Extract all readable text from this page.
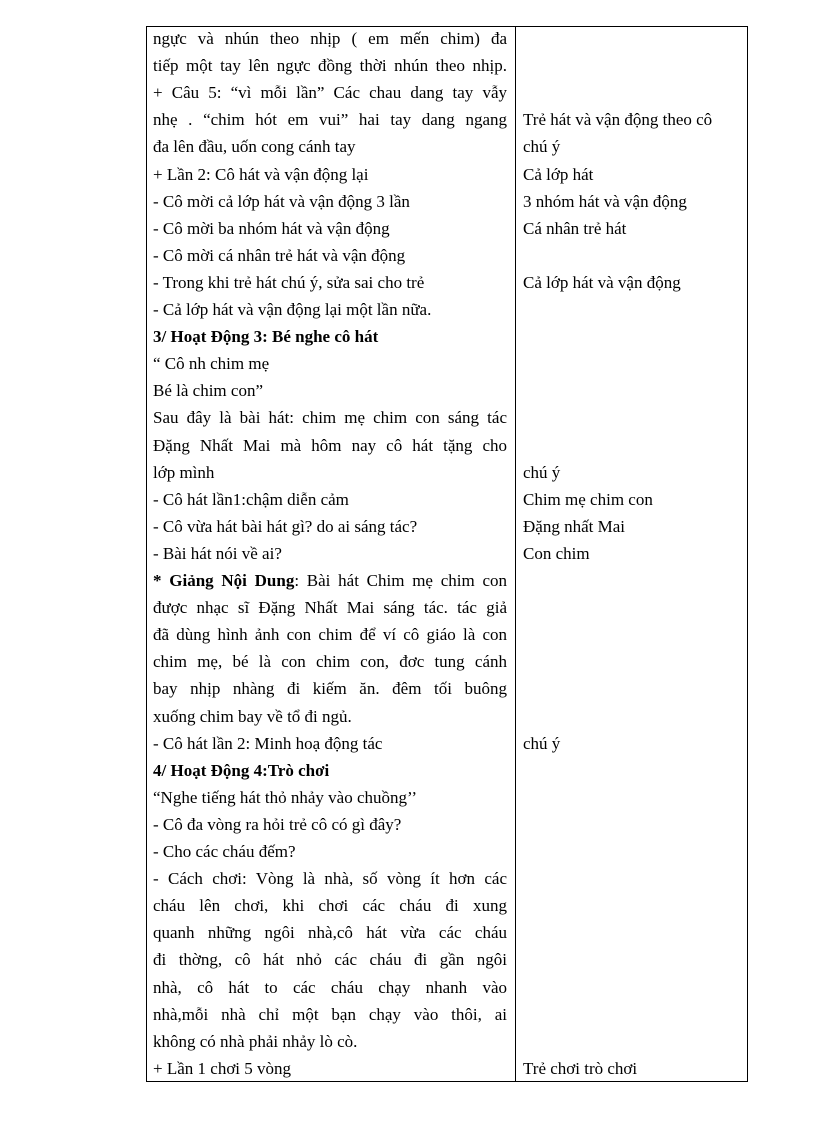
ngực và nhún theo nhịp ( em mến chim) đa
tiếp một tay lên ngực đồng thời nhún theo nhịp.
+ Câu 5: “vì mỗi lần” Các chau dang tay vẫy
nhẹ . “chim hót em vui” hai tay dang ngang
đa lên đầu, uốn cong cánh tay
+ Lần 2: Cô hát và vận động lại
- Cô mời cả lớp hát và vận động 3 lần
- Cô mời ba nhóm hát và vận động
- Cô mời cá nhân trẻ hát và vận động
- Trong khi trẻ hát chú ý, sửa sai cho trẻ
- Cả lớp hát và vận động lại một lần nữa.
3/ Hoạt Động 3: Bé nghe cô hát
“ Cô nh chim mẹ
Bé là chim con”
Sau đây là bài hát: chim mẹ chim con sáng tác
Đặng Nhất Mai mà hôm nay cô hát tặng cho
lớp mình
- Cô hát lần1:chậm diễn cảm
- Cô vừa hát bài hát gì? do ai sáng tác?
- Bài hát nói về ai?
* Giảng Nội Dung: Bài hát Chim mẹ chim con
được nhạc sĩ Đặng Nhất Mai sáng tác. tác giả
đã dùng hình ảnh con chim để ví cô giáo là con
chim mẹ, bé là con chim con, đơc tung cánh
bay nhịp nhàng đi kiếm ăn. đêm tối buông
xuống chim bay về tổ đi ngủ.
- Cô hát lần 2: Minh hoạ động tác
4/ Hoạt Động 4:Trò chơi
“Nghe tiếng hát thỏ nhảy vào chuồng’’
- Cô đa vòng ra hỏi trẻ cô có gì đây?
- Cho các cháu đếm?
- Cách chơi: Vòng là nhà, số vòng ít hơn các
cháu lên chơi, khi chơi các cháu đi xung
quanh những ngôi nhà,cô hát vừa các cháu
đi thờng, cô hát nhỏ các cháu đi gần ngôi
nhà, cô hát to các cháu chạy nhanh vào
nhà,mỗi nhà chỉ một bạn chạy vào thôi, ai
không có nhà phải nhảy lò cò.
+ Lần 1 chơi 5 vòng
Trẻ hát và vận động theo cô
chú ý
Cả lớp hát
3 nhóm hát và vận động
Cá nhân trẻ hát
Cả lớp hát và vận động
chú ý
Chim mẹ chim con
Đặng nhất Mai
Con chim
chú ý
Trẻ chơi trò chơi
